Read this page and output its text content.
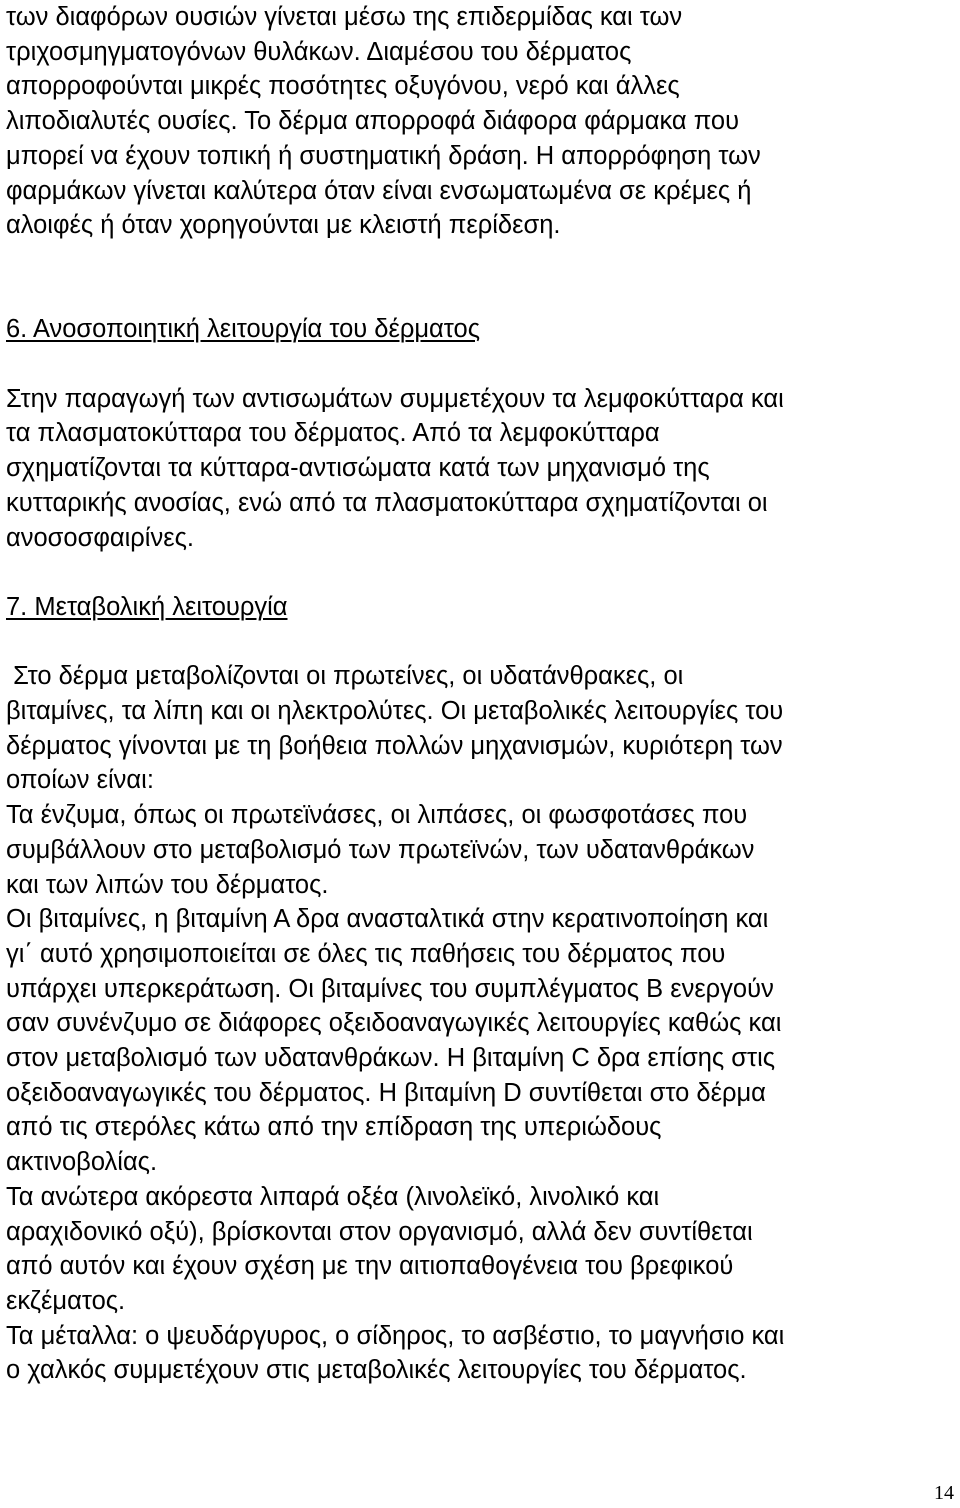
των διαφόρων ουσιών γίνεται μέσω της επιδερμίδας και των
τριχοσμηγματογόνων θυλάκων. Διαμέσου του δέρματος
απορροφούνται μικρές ποσότητες οξυγόνου, νερό και άλλες
λιποδιαλυτές ουσίες. Το δέρμα απορροφά διάφορα φάρμακα που
μπορεί να έχουν τοπική ή συστηματική δράση. Η απορρόφηση των
φαρμάκων γίνεται καλύτερα όταν είναι ενσωματωμένα σε κρέμες ή
αλοιφές ή όταν χορηγούνται με κλειστή περίδεση.
6. Ανοσοποιητική λειτουργία του δέρματος
Στην παραγωγή των αντισωμάτων συμμετέχουν τα λεμφοκύτταρα και
τα πλασματοκύτταρα του δέρματος. Από τα λεμφοκύτταρα
σχηματίζονται τα κύτταρα-αντισώματα κατά των μηχανισμό της
κυτταρικής ανοσίας, ενώ από τα πλασματοκύτταρα σχηματίζονται οι
ανοσοσφαιρίνες.
7. Μεταβολική λειτουργία
Στο δέρμα μεταβολίζονται οι πρωτείνες, οι υδατάνθρακες, οι
βιταμίνες, τα λίπη και οι ηλεκτρολύτες. Οι μεταβολικές λειτουργίες του
δέρματος γίνονται με τη βοήθεια πολλών μηχανισμών, κυριότερη των
οποίων είναι:
Τα ένζυμα, όπως οι πρωτεϊνάσες, οι λιπάσες, οι φωσφοτάσες που
συμβάλλουν στο μεταβολισμό των πρωτεϊνών, των υδατανθράκων
και των λιπών του δέρματος.
Οι βιταμίνες, η βιταμίνη Α δρα ανασταλτικά στην κερατινοποίηση και
γι΄ αυτό χρησιμοποιείται σε όλες τις παθήσεις του δέρματος που
υπάρχει υπερκεράτωση. Οι βιταμίνες του συμπλέγματος Β ενεργούν
σαν συνένζυμο σε διάφορες οξειδοαναγωγικές λειτουργίες καθώς και
στον μεταβολισμό των υδατανθράκων. Η βιταμίνη C δρα επίσης στις
οξειδοαναγωγικές του δέρματος. Η βιταμίνη D συντίθεται στο δέρμα
από τις στερόλες κάτω από την επίδραση της υπεριώδους
ακτινοβολίας.
Τα ανώτερα ακόρεστα λιπαρά οξέα (λινολεϊκό, λινολικό και
αραχιδονικό οξύ), βρίσκονται στον οργανισμό, αλλά δεν συντίθεται
από αυτόν και έχουν σχέση με την αιτιοπαθογένεια του βρεφικού
εκζέματος.
Τα μέταλλα: ο ψευδάργυρος, ο σίδηρος, το ασβέστιο, το μαγνήσιο και
ο χαλκός συμμετέχουν στις μεταβολικές λειτουργίες του δέρματος.
14
